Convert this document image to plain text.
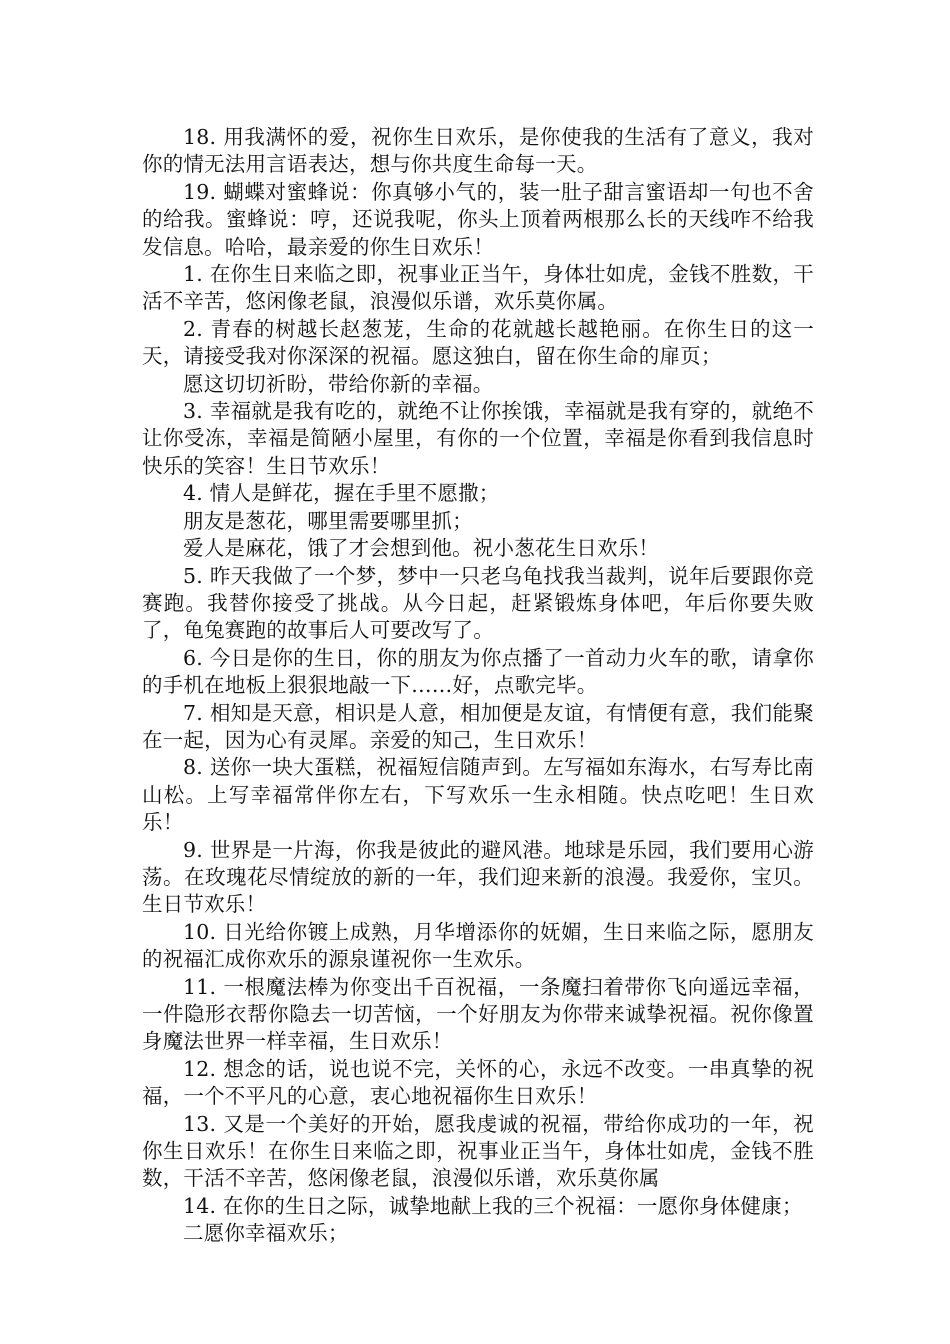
18. 用我满怀的爱，祝你生日欢乐，是你使我的生活有了意义，我对你的情无法用言语表达，想与你共度生命每一天。

19. 蝴蝶对蜜蜂说：你真够小气的，装一肚子甜言蜜语却一句也不舍的给我。蜜蜂说：哼，还说我呢，你头上顶着两根那么长的天线咋不给我发信息。哈哈，最亲爱的你生日欢乐！

1. 在你生日来临之即，祝事业正当午，身体壮如虎，金钱不胜数，干活不辛苦，悠闲像老鼠，浪漫似乐谱，欢乐莫你属。

2. 青春的树越长赵葱茏，生命的花就越长越艳丽。在你生日的这一天，请接受我对你深深的祝福。愿这独白，留在你生命的扉页；

愿这切切祈盼，带给你新的幸福。

3. 幸福就是我有吃的，就绝不让你挨饿，幸福就是我有穿的，就绝不让你受冻，幸福是简陋小屋里，有你的一个位置，幸福是你看到我信息时快乐的笑容！生日节欢乐！

4. 情人是鲜花，握在手里不愿撒；

朋友是葱花，哪里需要哪里抓；

爱人是麻花，饿了才会想到他。祝小葱花生日欢乐！

5. 昨天我做了一个梦，梦中一只老乌龟找我当裁判，说年后要跟你竞赛跑。我替你接受了挑战。从今日起，赶紧锻炼身体吧，年后你要失败了，龟兔赛跑的故事后人可要改写了。

6. 今日是你的生日，你的朋友为你点播了一首动力火车的歌，请拿你的手机在地板上狠狠地敲一下……好，点歌完毕。

7. 相知是天意，相识是人意，相加便是友谊，有情便有意，我们能聚在一起，因为心有灵犀。亲爱的知己，生日欢乐！

8. 送你一块大蛋糕，祝福短信随声到。左写福如东海水，右写寿比南山松。上写幸福常伴你左右，下写欢乐一生永相随。快点吃吧！生日欢乐！

9. 世界是一片海，你我是彼此的避风港。地球是乐园，我们要用心游荡。在玫瑰花尽情绽放的新的一年，我们迎来新的浪漫。我爱你，宝贝。生日节欢乐！

10. 日光给你镀上成熟，月华增添你的妩媚，生日来临之际，愿朋友的祝福汇成你欢乐的源泉谨祝你一生欢乐。

11. 一根魔法棒为你变出千百祝福，一条魔扫着带你飞向遥远幸福，一件隐形衣帮你隐去一切苦恼，一个好朋友为你带来诚挚祝福。祝你像置身魔法世界一样幸福，生日欢乐！

12. 想念的话，说也说不完，关怀的心，永远不改变。一串真挚的祝福，一个不平凡的心意，衷心地祝福你生日欢乐！

13. 又是一个美好的开始，愿我虔诚的祝福，带给你成功的一年，祝你生日欢乐！在你生日来临之即，祝事业正当午，身体壮如虎，金钱不胜数，干活不辛苦，悠闲像老鼠，浪漫似乐谱，欢乐莫你属

14. 在你的生日之际，诚挚地献上我的三个祝福：一愿你身体健康；

二愿你幸福欢乐；
